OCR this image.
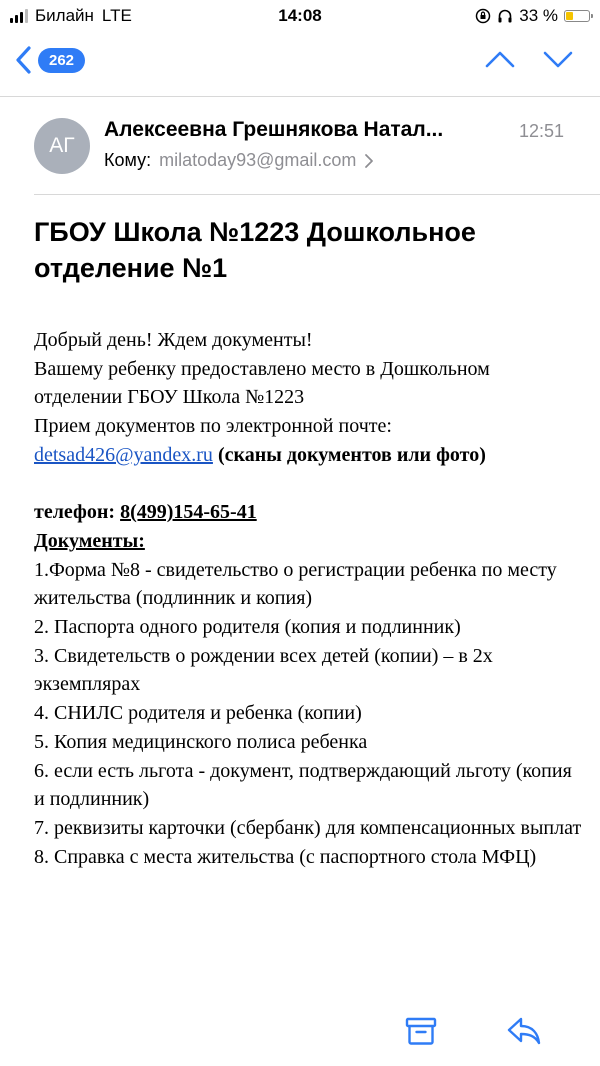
Билайн LTE	14:08	33 %
262
АГ
Алексеевна Грешнякова Натал...	12:51
Кому: milatoday93@gmail.com
ГБОУ Школа №1223 Дошкольное отделение №1

Добрый день! Ждем документы!

Вашему ребенку предоставлено место в Дошкольном отделении ГБОУ Школа №1223

Прием документов по электронной почте:

detsad426@yandex.ru (сканы документов или фото)

телефон: 8(499)154-65-41

Документы:

1.Форма №8 - свидетельство о регистрации ребенка по месту жительства (подлинник и копия)

2. Паспорта одного родителя (копия и подлинник)

3. Свидетельств о рождении всех детей (копии) – в 2х экземплярах

4. СНИЛС родителя и ребенка (копии)

5. Копия медицинского полиса ребенка

6. если есть льгота - документ, подтверждающий льготу (копия и подлинник)

7. реквизиты карточки (сбербанк) для компенсационных выплат

8. Справка с места жительства (с паспортного стола МФЦ)
